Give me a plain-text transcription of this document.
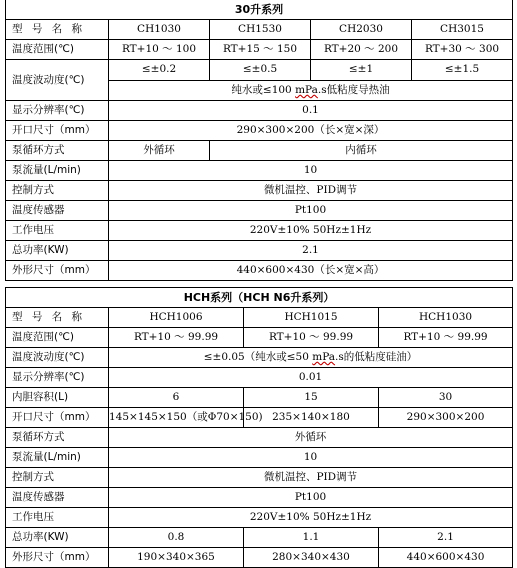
30升系列				
型 号 名 称	CH1030	CH1530	CH2030	CH3015
温度范围(℃)	RT+10 ～ 100	RT+15 ～ 150	RT+20 ～ 200	RT+30 ～ 300
温度波动度(℃)	≤±0.2	≤±0.5	≤±1	≤±1.5
	纯水或≤100 mPa.s低粘度导热油			
显示分辨率(℃)	0.1			
开口尺寸（mm）	290×300×200（长×宽×深）			
泵循环方式	外循环	内循环		
泵流量(L/min)	10			
控制方式	微机温控、PID调节			
温度传感器	Pt100			
工作电压	220V±10% 50Hz±1Hz			
总功率(KW)	2.1			
外形尺寸（mm）	440×600×430（长×宽×高）			
HCH系列（HCH N6升系列）			
型 号 名 称	HCH1006	HCH1015	HCH1030
温度范围(℃)	RT+10 ～ 99.99	RT+10 ～ 99.99	RT+10 ～ 99.99
温度波动度(℃)	≤±0.05（纯水或≤50 mPa.s的低粘度硅油）		
显示分辨率(℃)	0.01		
内胆容积(L)	6	15	30
开口尺寸（mm）	145×145×150（或Φ70×150)	235×140×180	290×300×200
泵循环方式	外循环		
泵流量(L/min)	10		
控制方式	微机温控、PID调节		
温度传感器	Pt100		
工作电压	220V±10% 50Hz±1Hz		
总功率(KW)	0.8	1.1	2.1
外形尺寸（mm）	190×340×365	280×340×430	440×600×430
